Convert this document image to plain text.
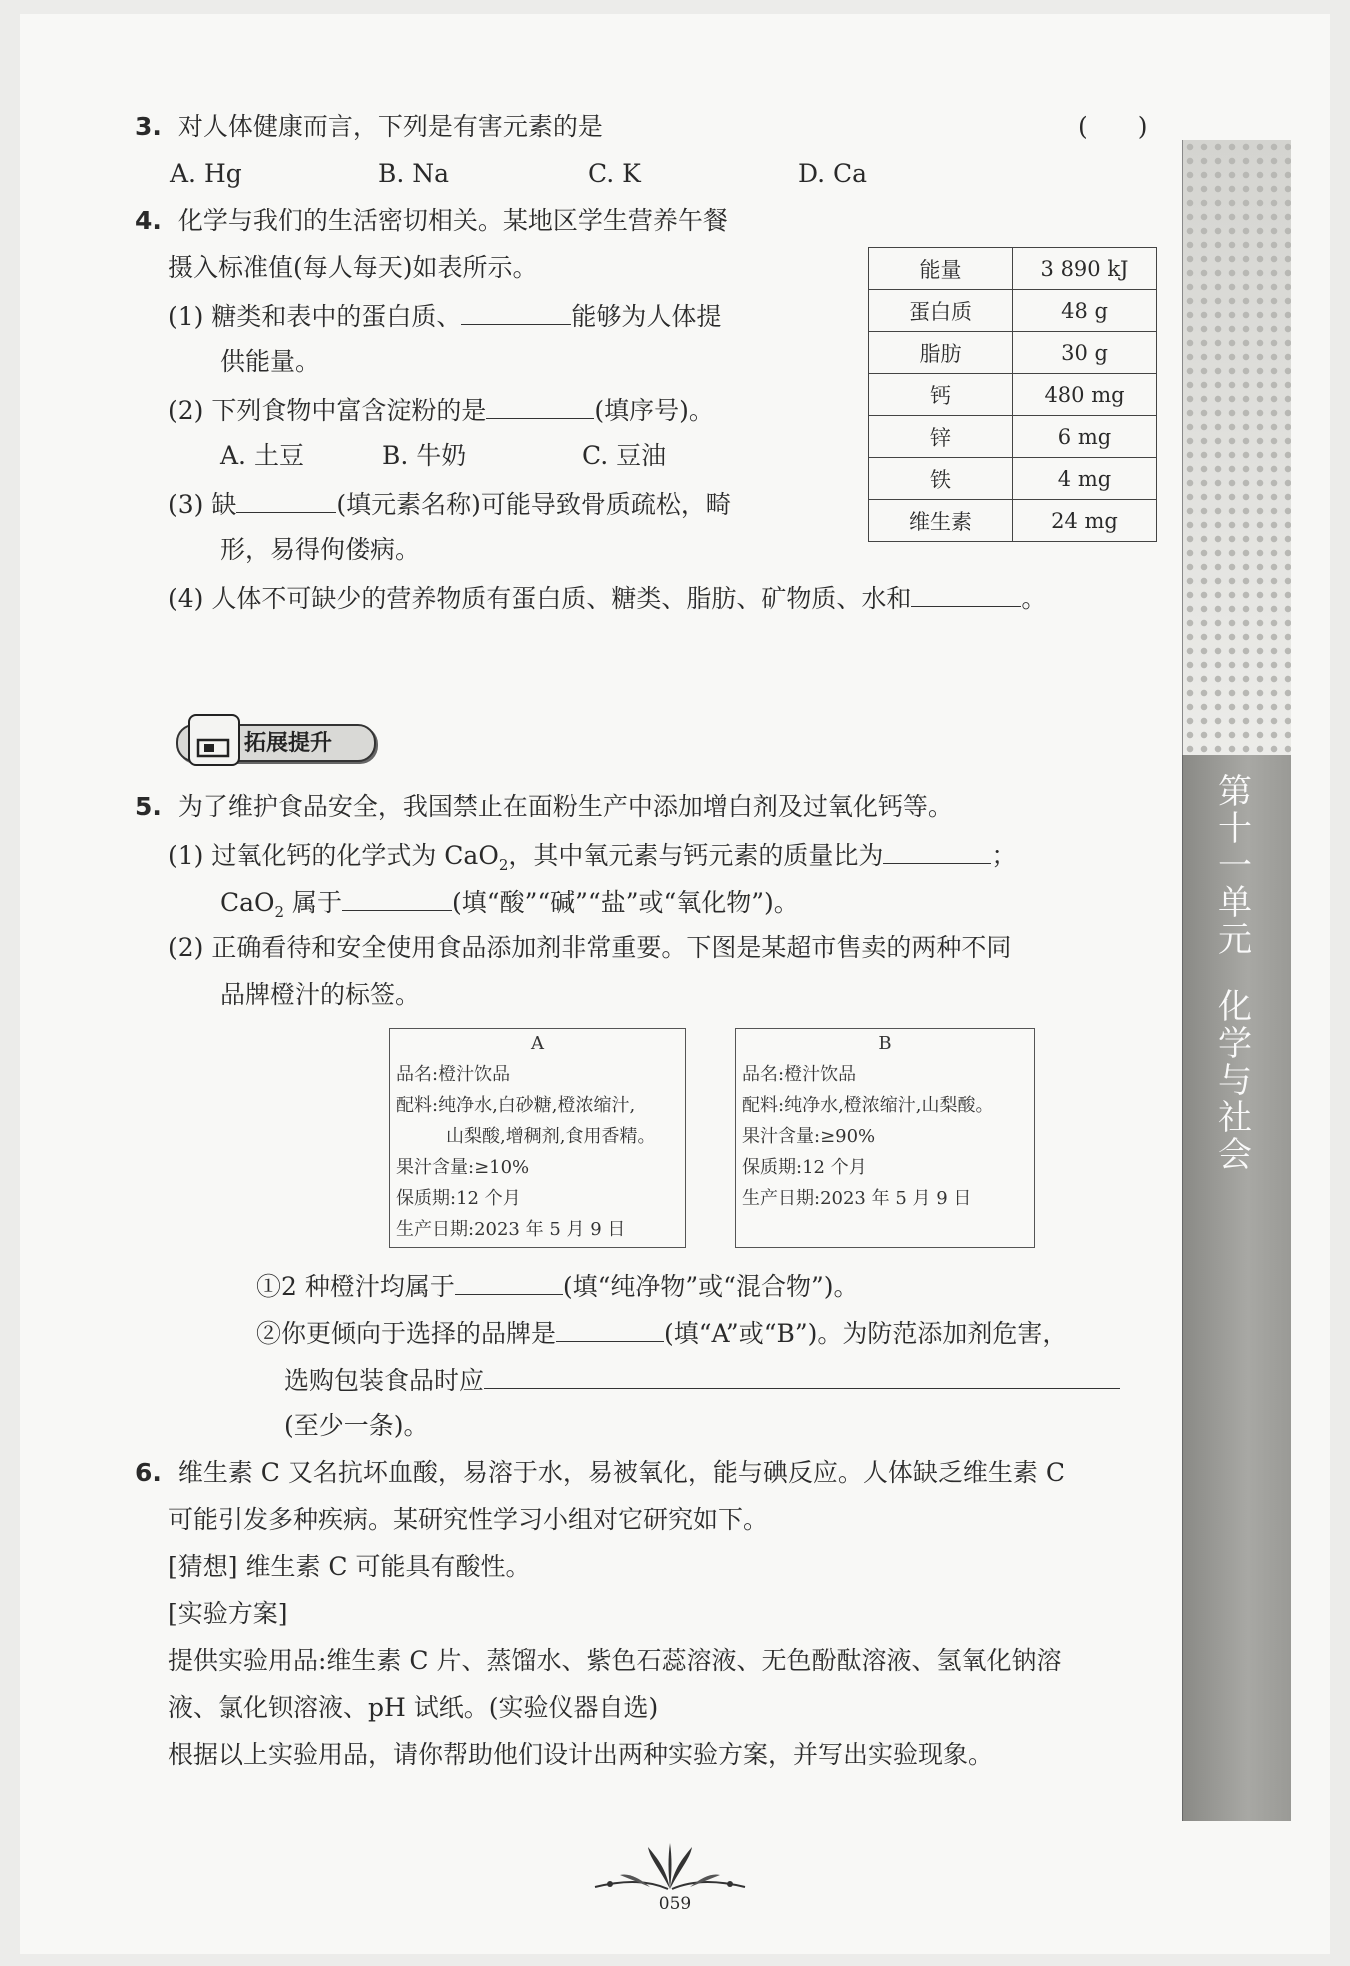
第
十
一
单
元
化
学
与
社
会
3. 对人体健康而言，下列是有害元素的是	(　　)
A. Hg	B. Na	C. K	D. Ca
4. 化学与我们的生活密切相关。某地区学生营养午餐
摄入标准值(每人每天)如表所示。
(1) 糖类和表中的蛋白质、	能够为人体提
供能量。
(2) 下列食物中富含淀粉的是	(填序号)。
A. 土豆	B. 牛奶	C. 豆油
(3) 缺	(填元素名称)可能导致骨质疏松，畸
形，易得佝偻病。
(4) 人体不可缺少的营养物质有蛋白质、糖类、脂肪、矿物质、水和	。
能量	3 890 kJ
蛋白质	48 g
脂肪	30 g
钙	480 mg
锌	6 mg
铁	4 mg
维生素	24 mg
拓展提升
5. 为了维护食品安全，我国禁止在面粉生产中添加增白剂及过氧化钙等。
(1) 过氧化钙的化学式为 CaO$_2$，其中氧元素与钙元素的质量比为	；
CaO$_2$ 属于	(填“酸”“碱”“盐”或“氧化物”)。
(2) 正确看待和安全使用食品添加剂非常重要。下图是某超市售卖的两种不同
品牌橙汁的标签。
A
品名:橙汁饮品
配料:纯净水,白砂糖,橙浓缩汁,
山梨酸,增稠剂,食用香精。
果汁含量:≥10%
保质期:12 个月
生产日期:2023 年 5 月 9 日
B
品名:橙汁饮品
配料:纯净水,橙浓缩汁,山梨酸。
果汁含量:≥90%
保质期:12 个月
生产日期:2023 年 5 月 9 日
①2 种橙汁均属于	(填“纯净物”或“混合物”)。
②你更倾向于选择的品牌是	(填“A”或“B”)。为防范添加剂危害，
选购包装食品时应
(至少一条)。
6. 维生素 C 又名抗坏血酸，易溶于水，易被氧化，能与碘反应。人体缺乏维生素 C
可能引发多种疾病。某研究性学习小组对它研究如下。
[猜想] 维生素 C 可能具有酸性。
[实验方案]
提供实验用品:维生素 C 片、蒸馏水、紫色石蕊溶液、无色酚酞溶液、氢氧化钠溶
液、氯化钡溶液、pH 试纸。(实验仪器自选)
根据以上实验用品，请你帮助他们设计出两种实验方案，并写出实验现象。
059
